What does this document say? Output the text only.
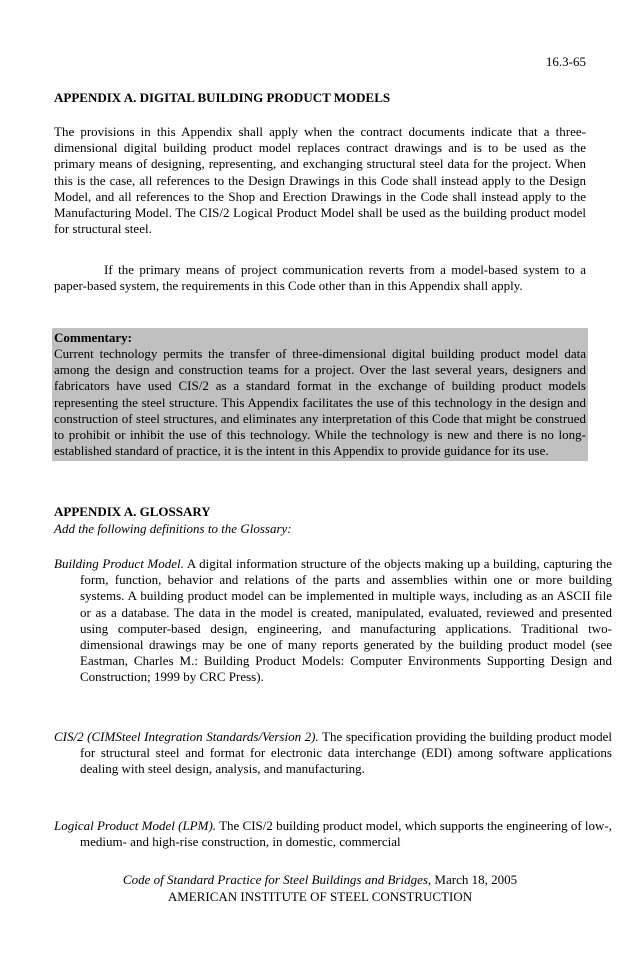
16.3-65
APPENDIX A. DIGITAL BUILDING PRODUCT MODELS

The provisions in this Appendix shall apply when the contract documents indicate that a three-dimensional digital building product model replaces contract drawings and is to be used as the primary means of designing, representing, and exchanging structural steel data for the project. When this is the case, all references to the Design Drawings in this Code shall instead apply to the Design Model, and all references to the Shop and Erection Drawings in the Code shall instead apply to the Manufacturing Model. The CIS/2 Logical Product Model shall be used as the building product model for structural steel.

If the primary means of project communication reverts from a model-based system to a paper-based system, the requirements in this Code other than in this Appendix shall apply.

Commentary:
Current technology permits the transfer of three-dimensional digital building product model data among the design and construction teams for a project. Over the last several years, designers and fabricators have used CIS/2 as a standard format in the exchange of building product models representing the steel structure. This Appendix facilitates the use of this technology in the design and construction of steel structures, and eliminates any interpretation of this Code that might be construed to prohibit or inhibit the use of this technology. While the technology is new and there is no long-established standard of practice, it is the intent in this Appendix to provide guidance for its use.
APPENDIX A. GLOSSARY
Add the following definitions to the Glossary:

Building Product Model. A digital information structure of the objects making up a building, capturing the form, function, behavior and relations of the parts and assemblies within one or more building systems. A building product model can be implemented in multiple ways, including as an ASCII file or as a database. The data in the model is created, manipulated, evaluated, reviewed and presented using computer-based design, engineering, and manufacturing applications. Traditional two-dimensional drawings may be one of many reports generated by the building product model (see Eastman, Charles M.: Building Product Models: Computer Environments Supporting Design and Construction; 1999 by CRC Press).

CIS/2 (CIMSteel Integration Standards/Version 2). The specification providing the building product model for structural steel and format for electronic data interchange (EDI) among software applications dealing with steel design, analysis, and manufacturing.

Logical Product Model (LPM). The CIS/2 building product model, which supports the engineering of low-, medium- and high-rise construction, in domestic, commercial

Code of Standard Practice for Steel Buildings and Bridges, March 18, 2005
AMERICAN INSTITUTE OF STEEL CONSTRUCTION
